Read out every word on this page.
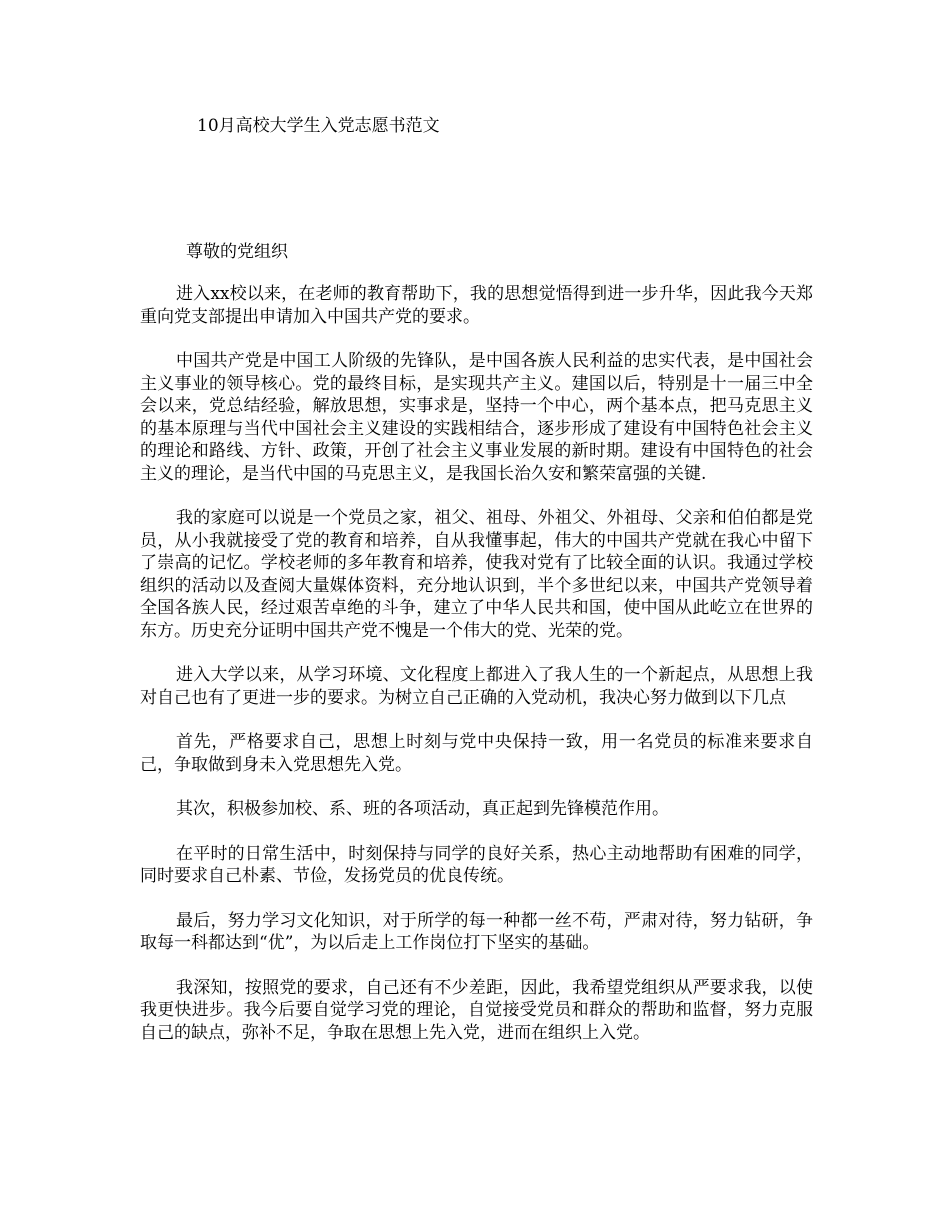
10月高校大学生入党志愿书范文
尊敬的党组织

进入xx校以来，在老师的教育帮助下，我的思想觉悟得到进一步升华，因此我今天郑重向党支部提出申请加入中国共产党的要求。

中国共产党是中国工人阶级的先锋队，是中国各族人民利益的忠实代表，是中国社会主义事业的领导核心。党的最终目标，是实现共产主义。建国以后，特别是十一届三中全会以来，党总结经验，解放思想，实事求是，坚持一个中心，两个基本点，把马克思主义的基本原理与当代中国社会主义建设的实践相结合，逐步形成了建设有中国特色社会主义的理论和路线、方针、政策，开创了社会主义事业发展的新时期。建设有中国特色的社会主义的理论，是当代中国的马克思主义，是我国长治久安和繁荣富强的关键.

我的家庭可以说是一个党员之家，祖父、祖母、外祖父、外祖母、父亲和伯伯都是党员，从小我就接受了党的教育和培养，自从我懂事起，伟大的中国共产党就在我心中留下了崇高的记忆。学校老师的多年教育和培养，使我对党有了比较全面的认识。我通过学校组织的活动以及查阅大量媒体资料，充分地认识到，半个多世纪以来，中国共产党领导着全国各族人民，经过艰苦卓绝的斗争，建立了中华人民共和国，使中国从此屹立在世界的东方。历史充分证明中国共产党不愧是一个伟大的党、光荣的党。

进入大学以来，从学习环境、文化程度上都进入了我人生的一个新起点，从思想上我对自己也有了更进一步的要求。为树立自己正确的入党动机，我决心努力做到以下几点

首先，严格要求自己，思想上时刻与党中央保持一致，用一名党员的标准来要求自己，争取做到身未入党思想先入党。

其次，积极参加校、系、班的各项活动，真正起到先锋模范作用。

在平时的日常生活中，时刻保持与同学的良好关系，热心主动地帮助有困难的同学，同时要求自己朴素、节俭，发扬党员的优良传统。

最后，努力学习文化知识，对于所学的每一种都一丝不苟，严肃对待，努力钻研，争取每一科都达到“优”，为以后走上工作岗位打下坚实的基础。

我深知，按照党的要求，自己还有不少差距，因此，我希望党组织从严要求我，以使我更快进步。我今后要自觉学习党的理论，自觉接受党员和群众的帮助和监督，努力克服自己的缺点，弥补不足，争取在思想上先入党，进而在组织上入党。
